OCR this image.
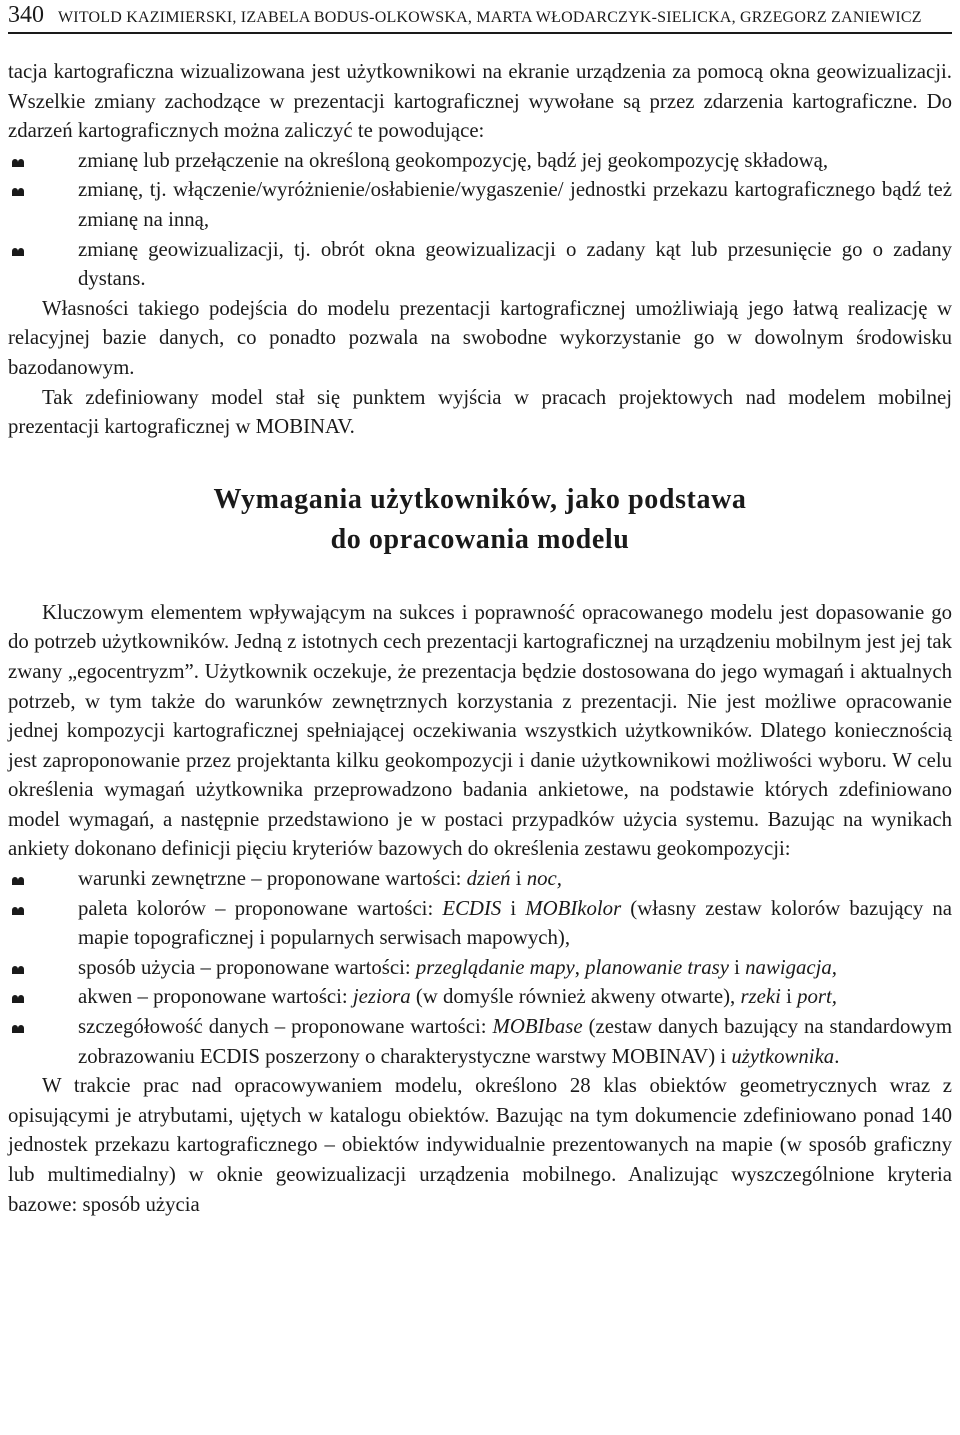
340 WITOLD KAZIMIERSKI, IZABELA BODUS-OLKOWSKA, MARTA WŁODARCZYK-SIELICKA, GRZEGORZ ZANIEWICZ

tacja kartograficzna wizualizowana jest użytkownikowi na ekranie urządzenia za pomocą okna geowizualizacji. Wszelkie zmiany zachodzące w prezentacji kartograficznej wywołane są przez zdarzenia kartograficzne. Do zdarzeń kartograficznych można zaliczyć te powodujące:

zmianę lub przełączenie na określoną geokompozycję, bądź jej geokompozycję składową,
zmianę, tj. włączenie/wyróżnienie/osłabienie/wygaszenie/ jednostki przekazu kartograficznego bądź też zmianę na inną,
zmianę geowizualizacji, tj. obrót okna geowizualizacji o zadany kąt lub przesunięcie go o zadany dystans.

Własności takiego podejścia do modelu prezentacji kartograficznej umożliwiają jego łatwą realizację w relacyjnej bazie danych, co ponadto pozwala na swobodne wykorzystanie go w dowolnym środowisku bazodanowym.

Tak zdefiniowany model stał się punktem wyjścia w pracach projektowych nad modelem mobilnej prezentacji kartograficznej w MOBINAV.

Wymagania użytkowników, jako podstawa
do opracowania modelu

Kluczowym elementem wpływającym na sukces i poprawność opracowanego modelu jest dopasowanie go do potrzeb użytkowników. Jedną z istotnych cech prezentacji kartograficznej na urządzeniu mobilnym jest jej tak zwany „egocentryzm”. Użytkownik oczekuje, że prezentacja będzie dostosowana do jego wymagań i aktualnych potrzeb, w tym także do warunków zewnętrznych korzystania z prezentacji. Nie jest możliwe opracowanie jednej kompozycji kartograficznej spełniającej oczekiwania wszystkich użytkowników. Dlatego koniecznością jest zaproponowanie przez projektanta kilku geokompozycji i danie użytkownikowi możliwości wyboru. W celu określenia wymagań użytkownika przeprowadzono badania ankietowe, na podstawie których zdefiniowano model wymagań, a następnie przedstawiono je w postaci przypadków użycia systemu. Bazując na wynikach ankiety dokonano definicji pięciu kryteriów bazowych do określenia zestawu geokompozycji:

warunki zewnętrzne – proponowane wartości: dzień i noc,
paleta kolorów – proponowane wartości: ECDIS i MOBIkolor (własny zestaw kolorów bazujący na mapie topograficznej i popularnych serwisach mapowych),
sposób użycia – proponowane wartości: przeglądanie mapy, planowanie trasy i nawigacja,
akwen – proponowane wartości: jeziora (w domyśle również akweny otwarte), rzeki i port,
szczegółowość danych – proponowane wartości: MOBIbase (zestaw danych bazujący na standardowym zobrazowaniu ECDIS poszerzony o charakterystyczne warstwy MOBINAV) i użytkownika.

W trakcie prac nad opracowywaniem modelu, określono 28 klas obiektów geometrycznych wraz z opisującymi je atrybutami, ujętych w katalogu obiektów. Bazując na tym dokumencie zdefiniowano ponad 140 jednostek przekazu kartograficznego – obiektów indywidualnie prezentowanych na mapie (w sposób graficzny lub multimedialny) w oknie geowizualizacji urządzenia mobilnego. Analizując wyszczególnione kryteria bazowe: sposób użycia
